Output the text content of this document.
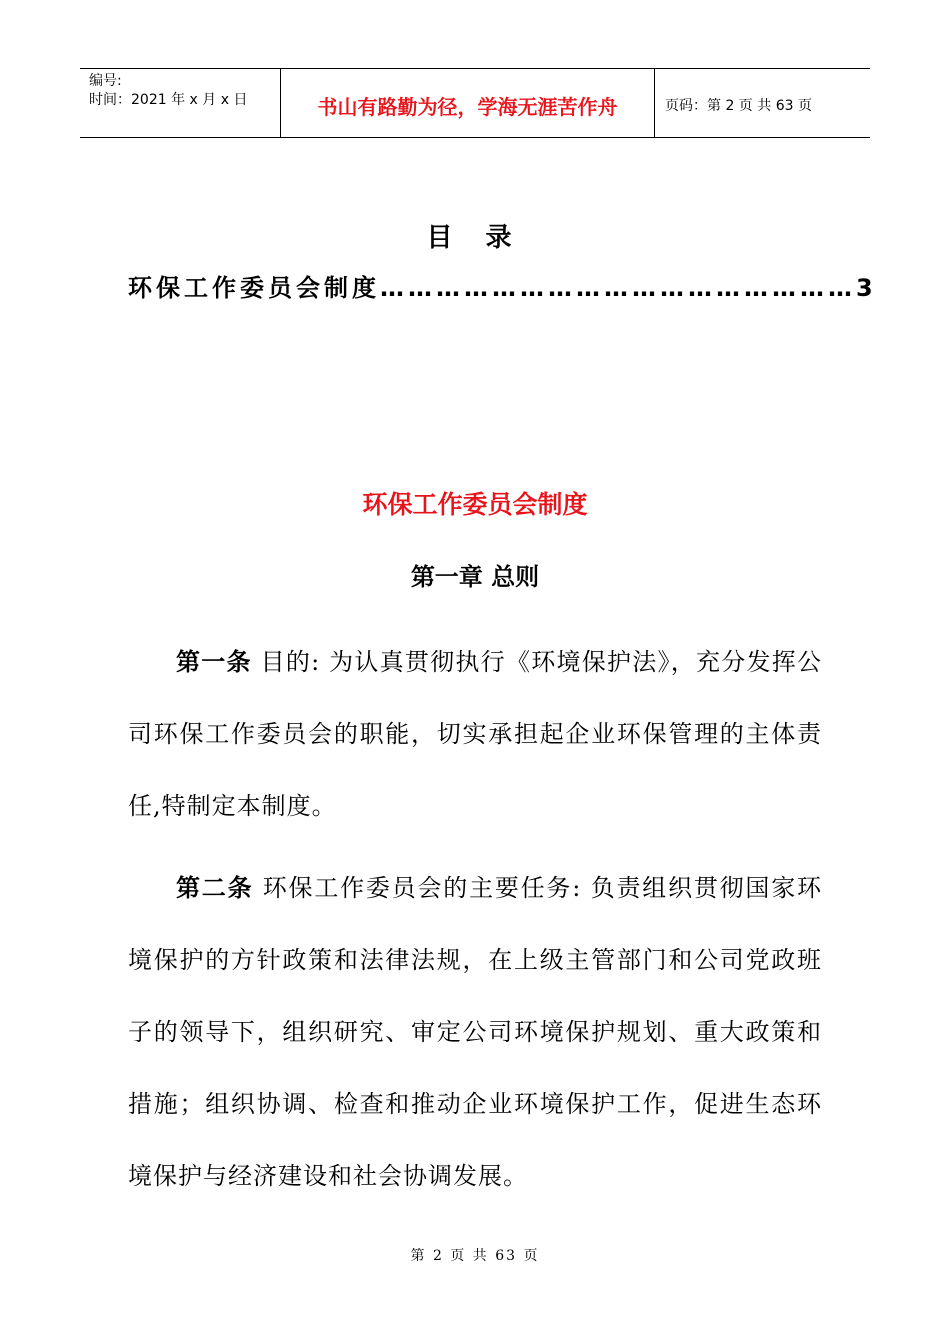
编号:
时间：2021 年 x 月 x 日	书山有路勤为径，学海无涯苦作舟	页码：第 2 页 共 63 页
目 录
环保工作委员会制度……………………………………………3
环保工作委员会制度
第一章 总则
第一条 目的: 为认真贯彻执行《环境保护法》，充分发挥公司环保工作委员会的职能，切实承担起企业环保管理的主体责任,特制定本制度。
第二条 环保工作委员会的主要任务: 负责组织贯彻国家环境保护的方针政策和法律法规，在上级主管部门和公司党政班子的领导下，组织研究、审定公司环境保护规划、重大政策和措施；组织协调、检查和推动企业环境保护工作，促进生态环境保护与经济建设和社会协调发展。
第 2 页 共 63 页
